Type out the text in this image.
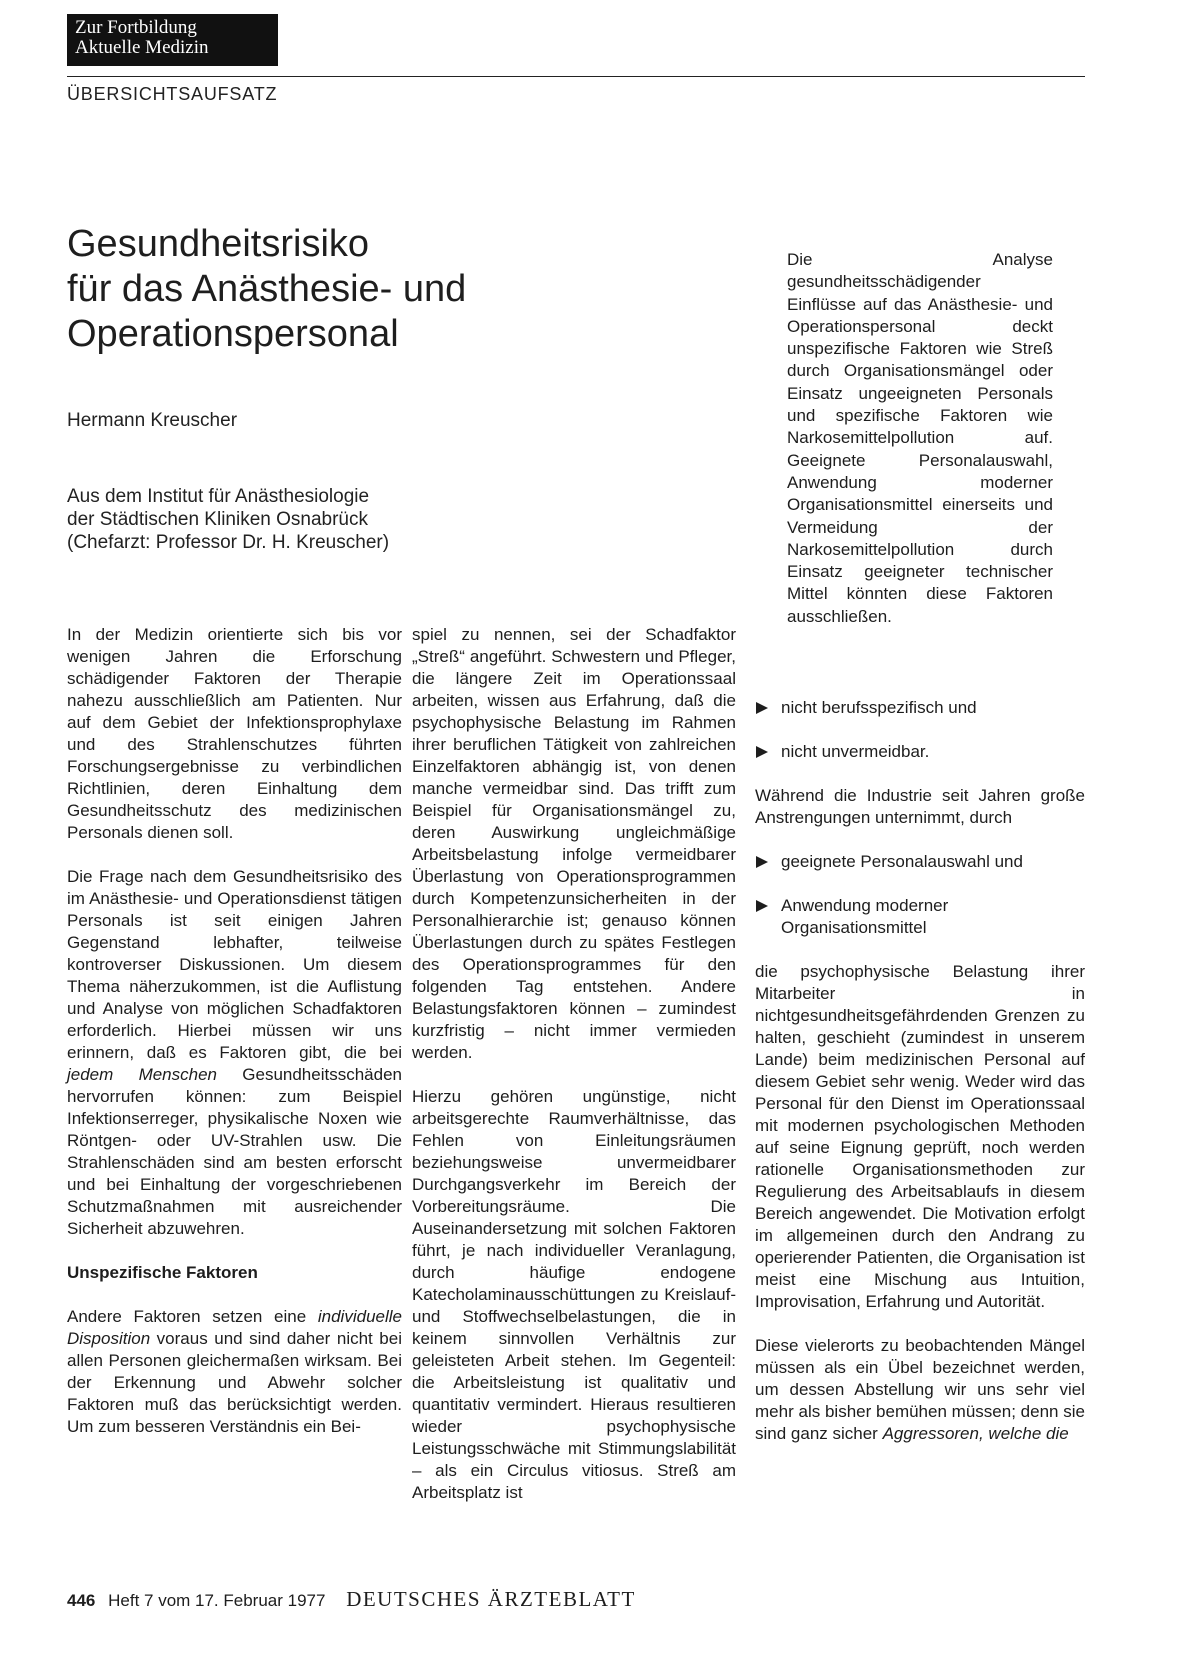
Zur Fortbildung
Aktuelle Medizin
ÜBERSICHTSAUFSATZ
Gesundheitsrisiko
für das Anästhesie- und
Operationspersonal
Hermann Kreuscher
Aus dem Institut für Anästhesiologie
der Städtischen Kliniken Osnabrück
(Chefarzt: Professor Dr. H. Kreuscher)
Die Analyse gesundheitsschädigender Einflüsse auf das Anästhesie- und Operationspersonal deckt unspezifische Faktoren wie Streß durch Organisationsmängel oder Einsatz ungeeigneten Personals und spezifische Faktoren wie Narkosemittelpollution auf. Geeignete Personalauswahl, Anwendung moderner Organisationsmittel einerseits und Vermeidung der Narkosemittelpollution durch Einsatz geeigneter technischer Mittel könnten diese Faktoren ausschließen.

In der Medizin orientierte sich bis vor wenigen Jahren die Erforschung schädigender Faktoren der Therapie nahezu ausschließlich am Patienten. Nur auf dem Gebiet der Infektionsprophylaxe und des Strahlenschutzes führten Forschungsergebnisse zu verbindlichen Richtlinien, deren Einhaltung dem Gesundheitsschutz des medizinischen Personals dienen soll.

Die Frage nach dem Gesundheitsrisiko des im Anästhesie- und Operationsdienst tätigen Personals ist seit einigen Jahren Gegenstand lebhafter, teilweise kontroverser Diskussionen. Um diesem Thema näherzukommen, ist die Auflistung und Analyse von möglichen Schadfaktoren erforderlich. Hierbei müssen wir uns erinnern, daß es Faktoren gibt, die bei jedem Menschen Gesundheitsschäden hervorrufen können: zum Beispiel Infektionserreger, physikalische Noxen wie Röntgen- oder UV-Strahlen usw. Die Strahlenschäden sind am besten erforscht und bei Einhaltung der vorgeschriebenen Schutzmaßnahmen mit ausreichender Sicherheit abzuwehren.

Unspezifische Faktoren

Andere Faktoren setzen eine individuelle Disposition voraus und sind daher nicht bei allen Personen gleichermaßen wirksam. Bei der Erkennung und Abwehr solcher Faktoren muß das berücksichtigt werden. Um zum besseren Verständnis ein Bei-

spiel zu nennen, sei der Schadfaktor „Streß“ angeführt. Schwestern und Pfleger, die längere Zeit im Operationssaal arbeiten, wissen aus Erfahrung, daß die psychophysische Belastung im Rahmen ihrer beruflichen Tätigkeit von zahlreichen Einzelfaktoren abhängig ist, von denen manche vermeidbar sind. Das trifft zum Beispiel für Organisationsmängel zu, deren Auswirkung ungleichmäßige Arbeitsbelastung infolge vermeidbarer Überlastung von Operationsprogrammen durch Kompetenzunsicherheiten in der Personalhierarchie ist; genauso können Überlastungen durch zu spätes Festlegen des Operationsprogrammes für den folgenden Tag entstehen. Andere Belastungsfaktoren können – zumindest kurzfristig – nicht immer vermieden werden.

Hierzu gehören ungünstige, nicht arbeitsgerechte Raumverhältnisse, das Fehlen von Einleitungsräumen beziehungsweise unvermeidbarer Durchgangsverkehr im Bereich der Vorbereitungsräume. Die Auseinandersetzung mit solchen Faktoren führt, je nach individueller Veranlagung, durch häufige endogene Katecholaminausschüttungen zu Kreislauf- und Stoffwechselbelastungen, die in keinem sinnvollen Verhältnis zur geleisteten Arbeit stehen. Im Gegenteil: die Arbeitsleistung ist qualitativ und quantitativ vermindert. Hieraus resultieren wieder psychophysische Leistungsschwäche mit Stimmungslabilität – als ein Circulus vitiosus. Streß am Arbeitsplatz ist

nicht berufsspezifisch und
nicht unvermeidbar.

Während die Industrie seit Jahren große Anstrengungen unternimmt, durch

geeignete Personalauswahl und
Anwendung moderner Organisationsmittel

die psychophysische Belastung ihrer Mitarbeiter in nichtgesundheitsgefährdenden Grenzen zu halten, geschieht (zumindest in unserem Lande) beim medizinischen Personal auf diesem Gebiet sehr wenig. Weder wird das Personal für den Dienst im Operationssaal mit modernen psychologischen Methoden auf seine Eignung geprüft, noch werden rationelle Organisationsmethoden zur Regulierung des Arbeitsablaufs in diesem Bereich angewendet. Die Motivation erfolgt im allgemeinen durch den Andrang zu operierender Patienten, die Organisation ist meist eine Mischung aus Intuition, Improvisation, Erfahrung und Autorität.

Diese vielerorts zu beobachtenden Mängel müssen als ein Übel bezeichnet werden, um dessen Abstellung wir uns sehr viel mehr als bisher bemühen müssen; denn sie sind ganz sicher Aggressoren, welche die

446 Heft 7 vom 17. Februar 1977 DEUTSCHES ÄRZTEBLATT
